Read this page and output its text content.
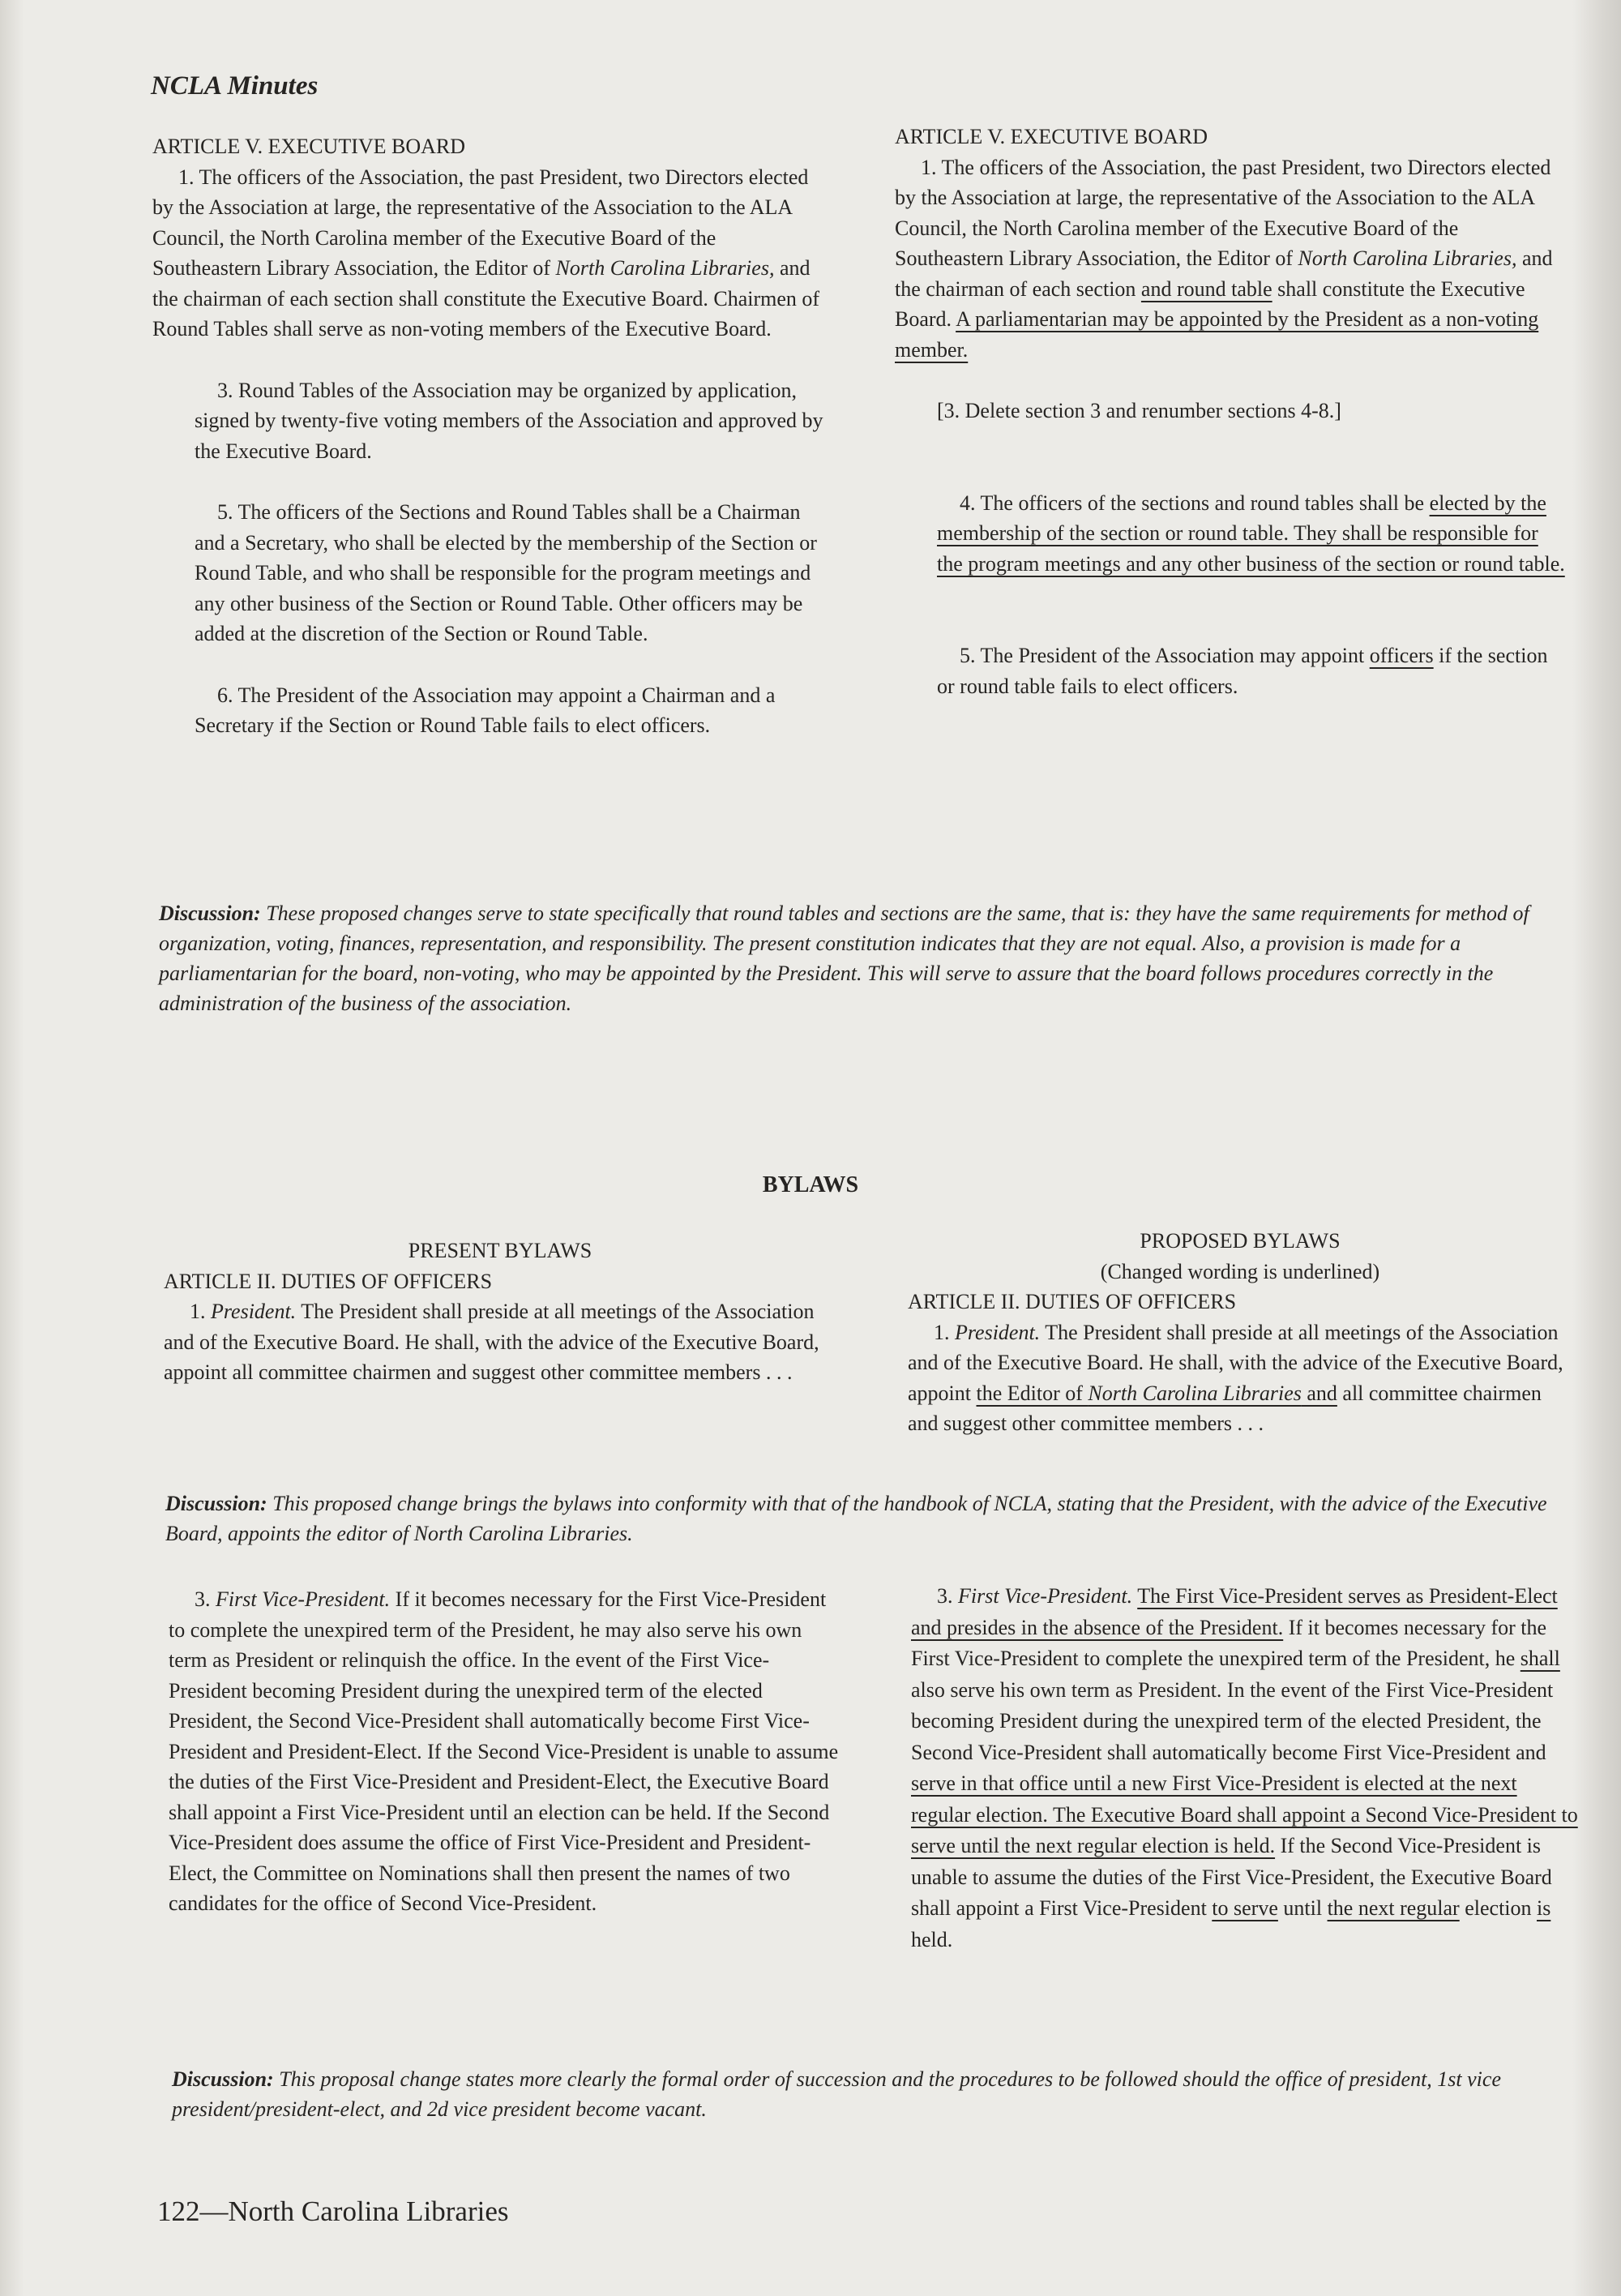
NCLA Minutes

ARTICLE V. EXECUTIVE BOARD

1. The officers of the Association, the past President, two Directors elected by the Association at large, the representative of the Association to the ALA Council, the North Carolina member of the Executive Board of the Southeastern Library Association, the Editor of North Carolina Libraries, and the chairman of each section shall constitute the Executive Board. Chairmen of Round Tables shall serve as non-voting members of the Executive Board.

3. Round Tables of the Association may be organized by application, signed by twenty-five voting members of the Association and approved by the Executive Board.

5. The officers of the Sections and Round Tables shall be a Chairman and a Secretary, who shall be elected by the membership of the Section or Round Table, and who shall be responsible for the program meetings and any other business of the Section or Round Table. Other officers may be added at the discretion of the Section or Round Table.

6. The President of the Association may appoint a Chairman and a Secretary if the Section or Round Table fails to elect officers.

ARTICLE V. EXECUTIVE BOARD

1. The officers of the Association, the past President, two Directors elected by the Association at large, the representative of the Association to the ALA Council, the North Carolina member of the Executive Board of the Southeastern Library Association, the Editor of North Carolina Libraries, and the chairman of each section and round table shall constitute the Executive Board. A parliamentarian may be appointed by the President as a non-voting member.

[3. Delete section 3 and renumber sections 4-8.]

4. The officers of the sections and round tables shall be elected by the membership of the section or round table. They shall be responsible for the program meetings and any other business of the section or round table.

5. The President of the Association may appoint officers if the section or round table fails to elect officers.

Discussion: These proposed changes serve to state specifically that round tables and sections are the same, that is: they have the same requirements for method of organization, voting, finances, representation, and responsibility. The present constitution indicates that they are not equal. Also, a provision is made for a parliamentarian for the board, non-voting, who may be appointed by the President. This will serve to assure that the board follows procedures correctly in the administration of the business of the association.

BYLAWS

PRESENT BYLAWS

ARTICLE II. DUTIES OF OFFICERS

1. President. The President shall preside at all meetings of the Association and of the Executive Board. He shall, with the advice of the Executive Board, appoint all committee chairmen and suggest other committee members . . .

PROPOSED BYLAWS

(Changed wording is underlined)

ARTICLE II. DUTIES OF OFFICERS

1. President. The President shall preside at all meetings of the Association and of the Executive Board. He shall, with the advice of the Executive Board, appoint the Editor of North Carolina Libraries and all committee chairmen and suggest other committee members . . .

Discussion: This proposed change brings the bylaws into conformity with that of the handbook of NCLA, stating that the President, with the advice of the Executive Board, appoints the editor of North Carolina Libraries.

3. First Vice-President. If it becomes necessary for the First Vice-President to complete the unexpired term of the President, he may also serve his own term as President or relinquish the office. In the event of the First Vice-President becoming President during the unexpired term of the elected President, the Second Vice-President shall automatically become First Vice-President and President-Elect. If the Second Vice-President is unable to assume the duties of the First Vice-President and President-Elect, the Executive Board shall appoint a First Vice-President until an election can be held. If the Second Vice-President does assume the office of First Vice-President and President-Elect, the Committee on Nominations shall then present the names of two candidates for the office of Second Vice-President.

3. First Vice-President. The First Vice-President serves as President-Elect and presides in the absence of the President. If it becomes necessary for the First Vice-President to complete the unexpired term of the President, he shall also serve his own term as President. In the event of the First Vice-President becoming President during the unexpired term of the elected President, the Second Vice-President shall automatically become First Vice-President and serve in that office until a new First Vice-President is elected at the next regular election. The Executive Board shall appoint a Second Vice-President to serve until the next regular election is held. If the Second Vice-President is unable to assume the duties of the First Vice-President, the Executive Board shall appoint a First Vice-President to serve until the next regular election is held.

Discussion: This proposal change states more clearly the formal order of succession and the procedures to be followed should the office of president, 1st vice president/president-elect, and 2d vice president become vacant.

122—North Carolina Libraries
